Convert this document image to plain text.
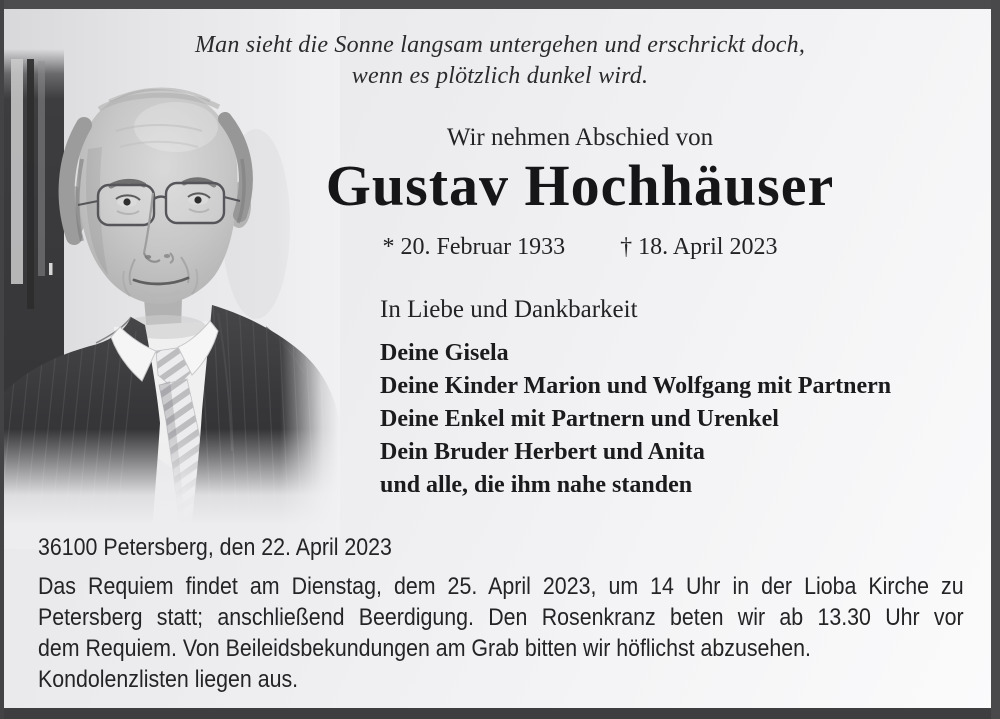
Man sieht die Sonne langsam untergehen und erschrickt doch,
wenn es plötzlich dunkel wird.
Wir nehmen Abschied von
Gustav Hochhäuser
* 20. Februar 1933 † 18. April 2023
In Liebe und Dankbarkeit
Deine Gisela
Deine Kinder Marion und Wolfgang mit Partnern
Deine Enkel mit Partnern und Urenkel
Dein Bruder Herbert und Anita
und alle, die ihm nahe standen
36100 Petersberg, den 22. April 2023
Das Requiem findet am Dienstag, dem 25. April 2023, um 14 Uhr in der Lioba Kirche zu
Petersberg statt; anschließend Beerdigung. Den Rosenkranz beten wir ab 13.30 Uhr vor
dem Requiem. Von Beileidsbekundungen am Grab bitten wir höflichst abzusehen.
Kondolenzlisten liegen aus.
